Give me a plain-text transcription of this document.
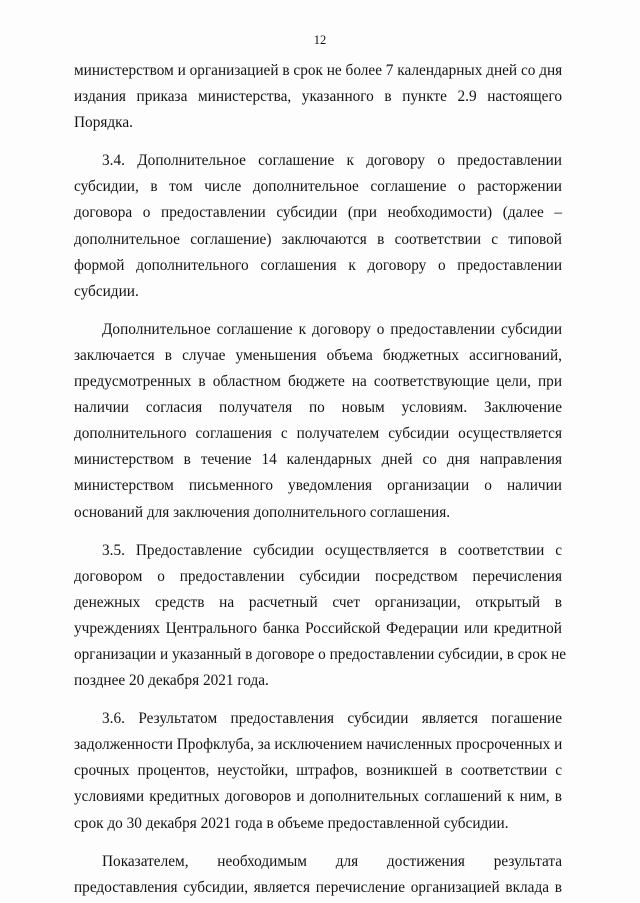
12
министерством и организацией в срок не более 7 календарных дней со дня
издания приказа министерства, указанного в пункте 2.9 настоящего
Порядка.
3.4. Дополнительное соглашение к договору о предоставлении
субсидии, в том числе дополнительное соглашение о расторжении
договора о предоставлении субсидии (при необходимости) (далее –
дополнительное соглашение) заключаются в соответствии с типовой
формой дополнительного соглашения к договору о предоставлении
субсидии.
Дополнительное соглашение к договору о предоставлении субсидии
заключается в случае уменьшения объема бюджетных ассигнований,
предусмотренных в областном бюджете на соответствующие цели, при
наличии согласия получателя по новым условиям. Заключение
дополнительного соглашения с получателем субсидии осуществляется
министерством в течение 14 календарных дней со дня направления
министерством письменного уведомления организации о наличии
оснований для заключения дополнительного соглашения.
3.5. Предоставление субсидии осуществляется в соответствии с
договором о предоставлении субсидии посредством перечисления
денежных средств на расчетный счет организации, открытый в
учреждениях Центрального банка Российской Федерации или кредитной
организации и указанный в договоре о предоставлении субсидии, в срок не
позднее 20 декабря 2021 года.
3.6. Результатом предоставления субсидии является погашение
задолженности Профклуба, за исключением начисленных просроченных и
срочных процентов, неустойки, штрафов, возникшей в соответствии с
условиями кредитных договоров и дополнительных соглашений к ним, в
срок до 30 декабря 2021 года в объеме предоставленной субсидии.
Показателем, необходимым для достижения результата
предоставления субсидии, является перечисление организацией вклада в
